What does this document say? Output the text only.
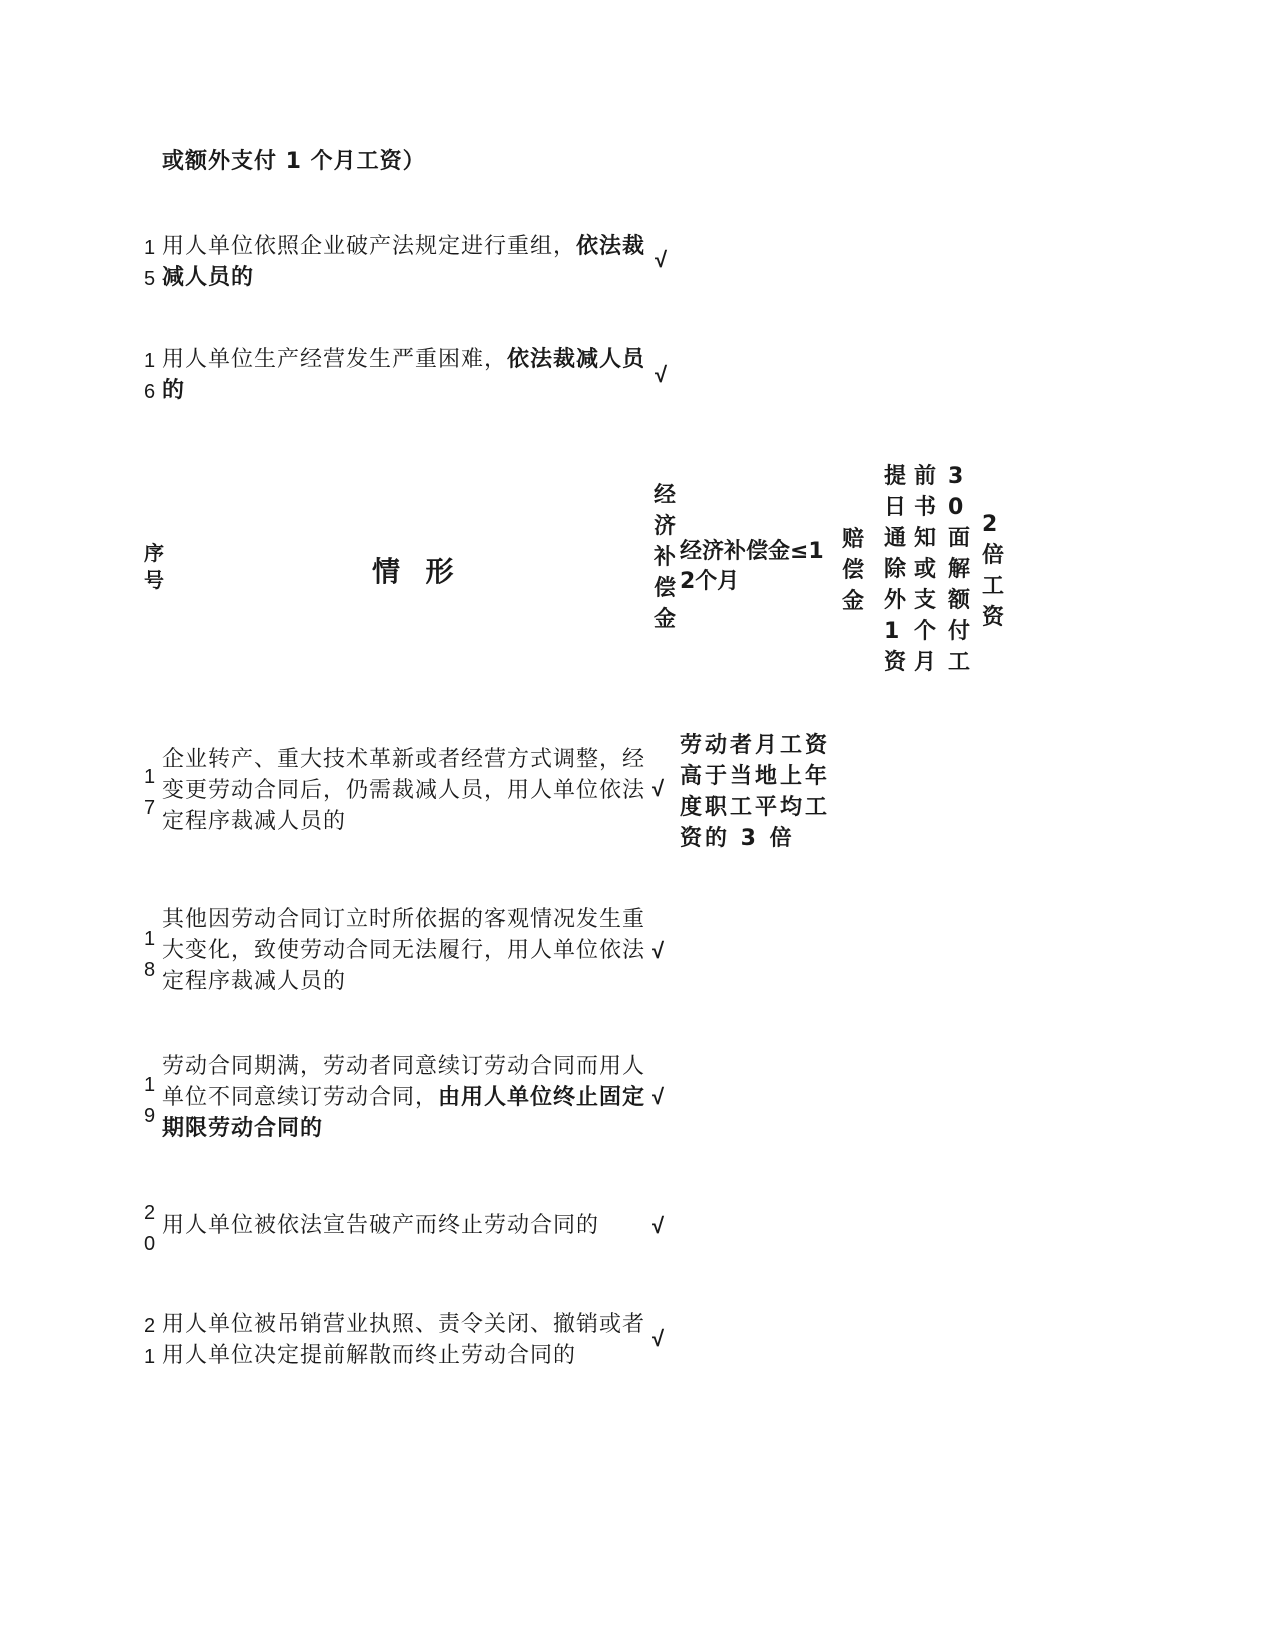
或额外支付 1 个月工资）
15
用人单位依照企业破产法规定进行重组，依法裁减人员的
√
16
用人单位生产经营发生严重困难，依法裁减人员的
√
序号	情  形
经济补偿金
经济补偿金≤12个月
赔偿金
提日通除外1资
前书知或支个月
30面解额付工
2倍工资
17
企业转产、重大技术革新或者经营方式调整，经变更劳动合同后，仍需裁减人员，用人单位依法定程序裁减人员的
√
劳动者月工资高于当地上年度职工平均工资的 3 倍
18
其他因劳动合同订立时所依据的客观情况发生重大变化，致使劳动合同无法履行，用人单位依法定程序裁减人员的
√
19
劳动合同期满，劳动者同意续订劳动合同而用人单位不同意续订劳动合同，由用人单位终止固定期限劳动合同的
√
20
用人单位被依法宣告破产而终止劳动合同的	√
21
用人单位被吊销营业执照、责令关闭、撤销或者用人单位决定提前解散而终止劳动合同的
√
